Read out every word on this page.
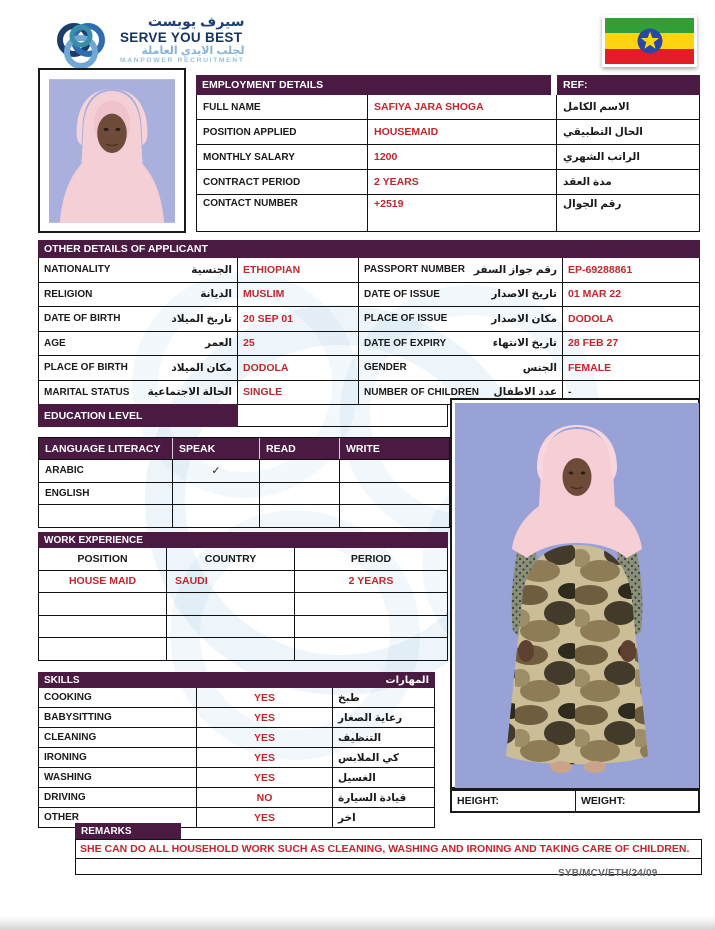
سيرف يوبست
SERVE YOU BEST
لجلب الايدي العاملة
MANPOWER RECRUITMENT
EMPLOYMENT DETAILS	REF:
FULL NAME	SAFIYA JARA SHOGA	الاسم الكامل
POSITION APPLIED	HOUSEMAID	الحال التطبيقي
MONTHLY SALARY	1200	الراتب الشهري
CONTRACT PERIOD	2 YEARS	مدة العقد
CONTACT NUMBER	+2519	رقم الجوال
OTHER DETAILS OF APPLICANT
NATIONALITY	الجنسية	ETHIOPIAN	PASSPORT NUMBER رقم جواز السفر	EP-69288861
RELIGION	الديانة	MUSLIM	DATE OF ISSUE	تاريخ الاصدار	01 MAR 22
DATE OF BIRTH	تاريخ الميلاد	20 SEP 01	PLACE OF ISSUE	مكان الاصدار	DODOLA
AGE	العمر	25	DATE OF EXPIRY	تاريخ الانتهاء	28 FEB 27
PLACE OF BIRTH	مكان الميلاد	DODOLA	GENDER	الجنس	FEMALE
MARITAL STATUS الحالة الاجتماعية	SINGLE	NUMBER OF CHILDREN عدد الاطفال	-
EDUCATION LEVEL
LANGUAGE LITERACY	SPEAK	READ	WRITE
ARABIC	✓
ENGLISH
WORK EXPERIENCE
POSITION	COUNTRY	PERIOD
HOUSE MAID	SAUDI	2 YEARS
SKILLS	المهارات
COOKING	YES	طبخ
BABYSITTING	YES	رعاية الصغار
CLEANING	YES	التنظيف
IRONING	YES	كي الملابس
WASHING	YES	الغسيل
DRIVING	NO	قيادة السيارة
OTHER	YES	اخر
HEIGHT:	WEIGHT:
REMARKS
SHE CAN DO ALL HOUSEHOLD WORK SUCH AS CLEANING, WASHING AND IRONING AND TAKING CARE OF CHILDREN.
SYB/MCV/ETH/24/09
